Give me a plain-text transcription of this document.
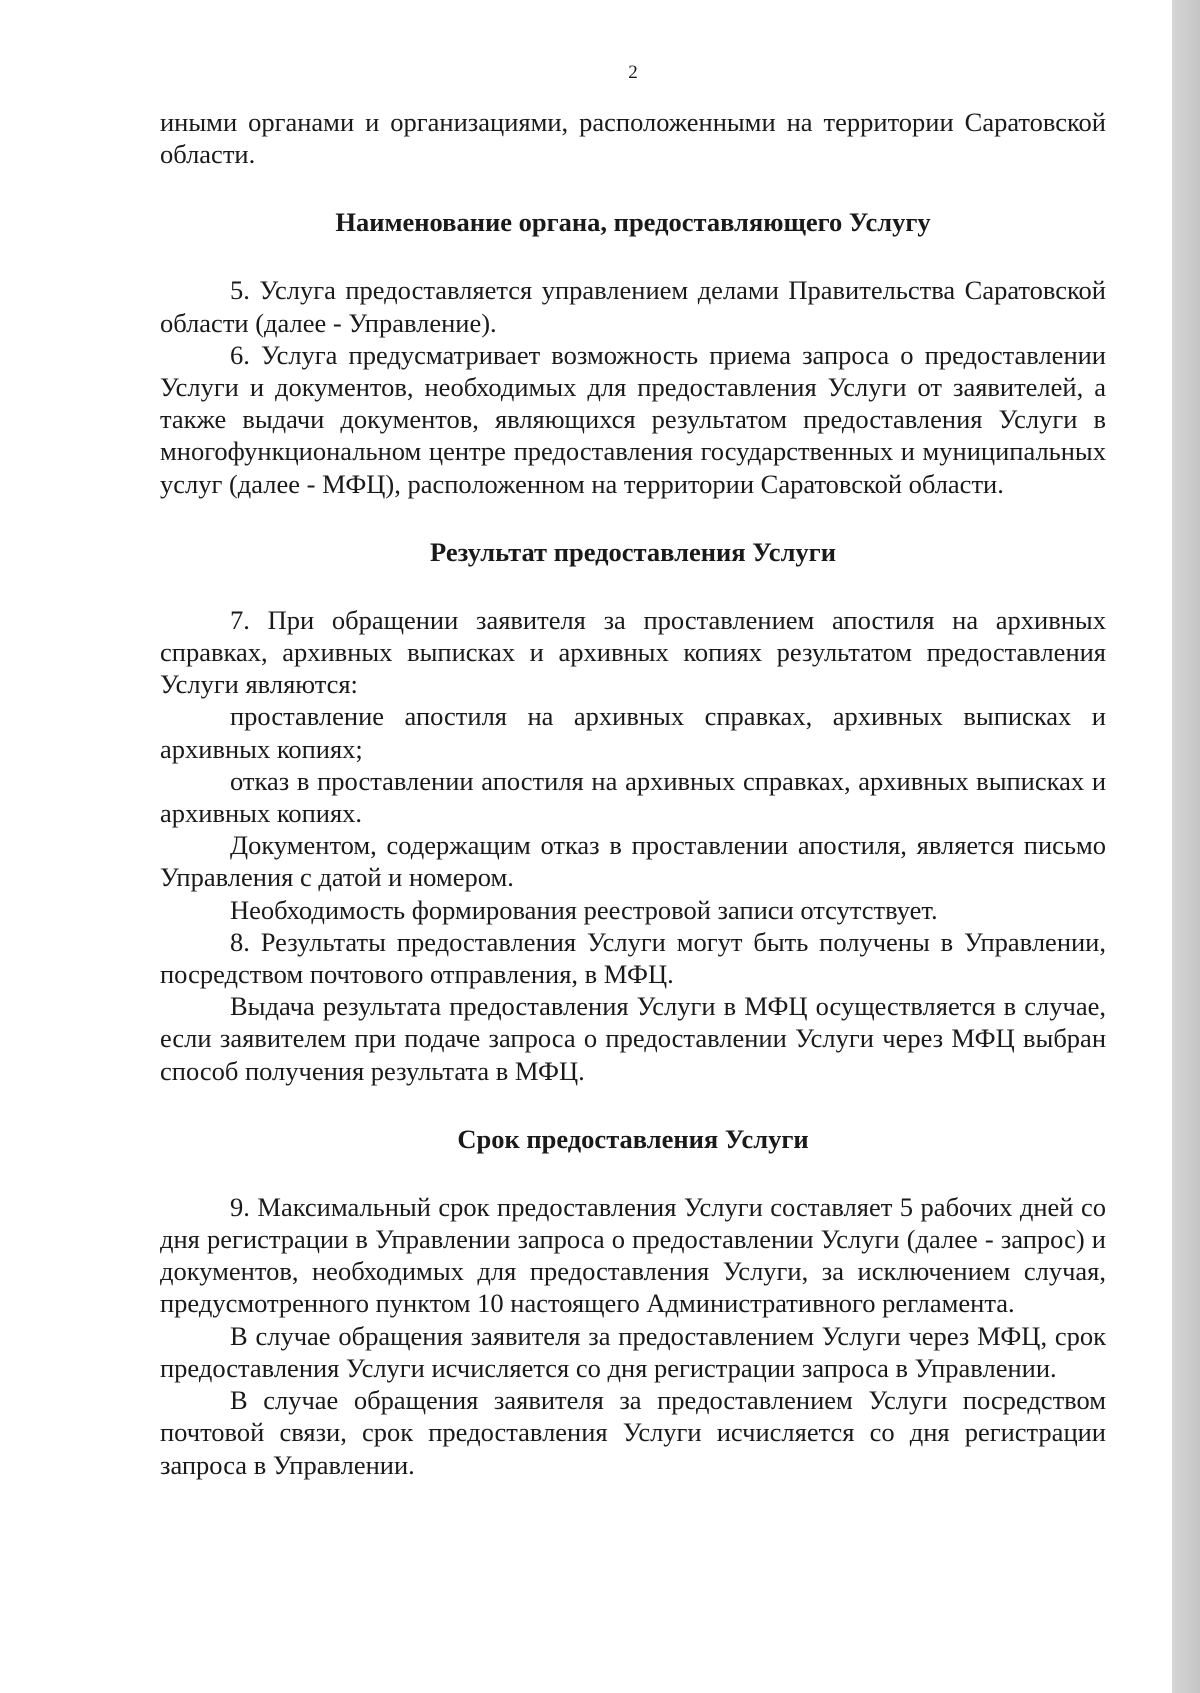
2

иными органами и организациями, расположенными на территории Саратовской области.

Наименование органа, предоставляющего Услугу

5. Услуга предоставляется управлением делами Правительства Саратовской области (далее - Управление).

6. Услуга предусматривает возможность приема запроса о предоставлении Услуги и документов, необходимых для предоставления Услуги от заявителей, а также выдачи документов, являющихся результатом предоставления Услуги в многофункциональном центре предоставления государственных и муниципальных услуг (далее - МФЦ), расположенном на территории Саратовской области.

Результат предоставления Услуги

7. При обращении заявителя за проставлением апостиля на архивных справках, архивных выписках и архивных копиях результатом предоставления Услуги являются:

проставление апостиля на архивных справках, архивных выписках и архивных копиях;

отказ в проставлении апостиля на архивных справках, архивных выписках и архивных копиях.

Документом, содержащим отказ в проставлении апостиля, является письмо Управления с датой и номером.

Необходимость формирования реестровой записи отсутствует.

8. Результаты предоставления Услуги могут быть получены в Управлении, посредством почтового отправления, в МФЦ.

Выдача результата предоставления Услуги в МФЦ осуществляется в случае, если заявителем при подаче запроса о предоставлении Услуги через МФЦ выбран способ получения результата в МФЦ.

Срок предоставления Услуги

9. Максимальный срок предоставления Услуги составляет 5 рабочих дней со дня регистрации в Управлении запроса о предоставлении Услуги (далее - запрос) и документов, необходимых для предоставления Услуги, за исключением случая, предусмотренного пунктом 10 настоящего Административного регламента.

В случае обращения заявителя за предоставлением Услуги через МФЦ, срок предоставления Услуги исчисляется со дня регистрации запроса в Управлении.

В случае обращения заявителя за предоставлением Услуги посредством почтовой связи, срок предоставления Услуги исчисляется со дня регистрации запроса в Управлении.
